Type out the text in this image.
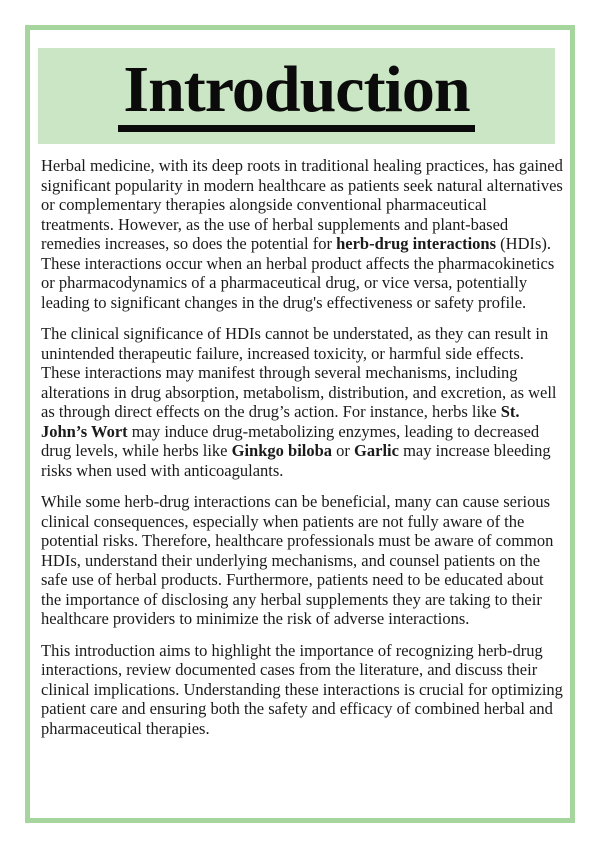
Introduction

Herbal medicine, with its deep roots in traditional healing practices, has gained significant popularity in modern healthcare as patients seek natural alternatives or complementary therapies alongside conventional pharmaceutical treatments. However, as the use of herbal supplements and plant-based remedies increases, so does the potential for herb-drug interactions (HDIs). These interactions occur when an herbal product affects the pharmacokinetics or pharmacodynamics of a pharmaceutical drug, or vice versa, potentially leading to significant changes in the drug's effectiveness or safety profile.

The clinical significance of HDIs cannot be understated, as they can result in unintended therapeutic failure, increased toxicity, or harmful side effects. These interactions may manifest through several mechanisms, including alterations in drug absorption, metabolism, distribution, and excretion, as well as through direct effects on the drug’s action. For instance, herbs like St. John’s Wort may induce drug-metabolizing enzymes, leading to decreased drug levels, while herbs like Ginkgo biloba or Garlic may increase bleeding risks when used with anticoagulants.

While some herb-drug interactions can be beneficial, many can cause serious clinical consequences, especially when patients are not fully aware of the potential risks. Therefore, healthcare professionals must be aware of common HDIs, understand their underlying mechanisms, and counsel patients on the safe use of herbal products. Furthermore, patients need to be educated about the importance of disclosing any herbal supplements they are taking to their healthcare providers to minimize the risk of adverse interactions.

This introduction aims to highlight the importance of recognizing herb-drug interactions, review documented cases from the literature, and discuss their clinical implications. Understanding these interactions is crucial for optimizing patient care and ensuring both the safety and efficacy of combined herbal and pharmaceutical therapies.
